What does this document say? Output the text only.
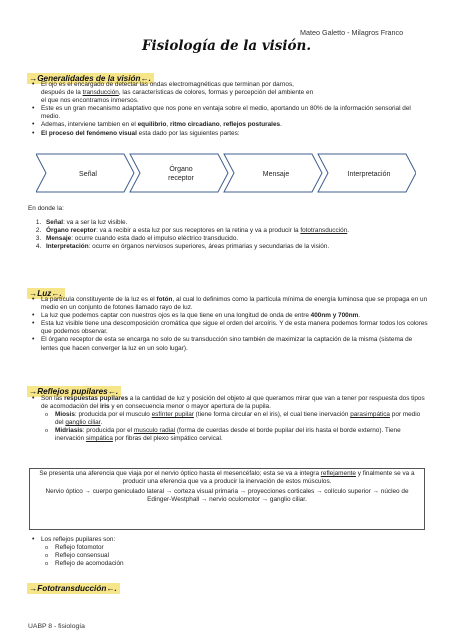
Mateo Galetto - Milagros Franco
Fisiología de la visión.
→Generalidades de la visión←.
• El ojo es el encargado de detectar las ondas electromagnéticas que terminan por darnos,
después de la transducción, las características de colores, formas y percepción del ambiente en
el que nos encontramos inmersos.
• Este es un gran mecanismo adaptativo que nos pone en ventaja sobre el medio, aportando un 80% de la información sensorial del medio.
• Ademas, interviene tambien en el equilibrio, ritmo circadiano, reflejos posturales.
• El proceso del fenómeno visual esta dado por las siguientes partes:
Señal
Órgano
receptor
Mensaje	Interpretación
En donde la:
1. Señal: va a ser la luz visible.
2. Órgano receptor: va a recibir a esta luz por sus receptores en la retina y va a producir la fototransducción.
3. Mensaje: ocurre cuando esta dado el impulso eléctrico transducido.
4. Interpretación: ocurre en órganos nerviosos superiores, áreas primarias y secundarias de la visión.
→Luz←.
• La partícula constituyente de la luz es el fotón, al cual lo definimos como la partícula mínima de energía luminosa que se propaga en un medio en un conjunto de fotones llamado rayo de luz.
• La luz que podemos captar con nuestros ojos es la que tiene en una longitud de onda de entre 400nm y 700nm.
• Esta luz visible tiene una descomposición cromática que sigue el orden del arcoíris. Y de esta manera podemos formar todos los colores que podemos observar.
• El órgano receptor de esta se encarga no solo de su transducción sino también de maximizar la captación de la misma (sistema de lentes que hacen converger la luz en un solo lugar).
→Reflejos pupilares←.
• Son las respuestas pupilares a la cantidad de luz y posición del objeto al que queramos mirar que van a tener por respuesta dos tipos de acomodación del iris y en consecuencia menor o mayor apertura de la pupila.
o Miosis: producida por el musculo esfínter pupilar (tiene forma circular en el iris), el cual tiene inervación parasimpática por medio del ganglio ciliar.
o Midriasis: producida por el musculo radial (forma de cuerdas desde el borde pupilar del iris hasta el borde externo). Tiene inervación simpática por fibras del plexo simpático cervical.

Se presenta una aferencia que viaja por el nervio óptico hasta el mesencéfalo; esta se va a integra reflejamente y finalmente se va a producir una eferencia que va a producir la inervación de estos músculos.

Nervio óptico → cuerpo geniculado lateral → corteza visual primaria → proyecciones corticales → colículo superior → núcleo de Edinger-Westphall → nervio oculomotor → ganglio ciliar.

• Los reflejos pupilares son:
o Reflejo fotomotor
o Reflejo consensual
o Reflejo de acomodación
→Fototransducción←.
UABP 8 - fisiología
